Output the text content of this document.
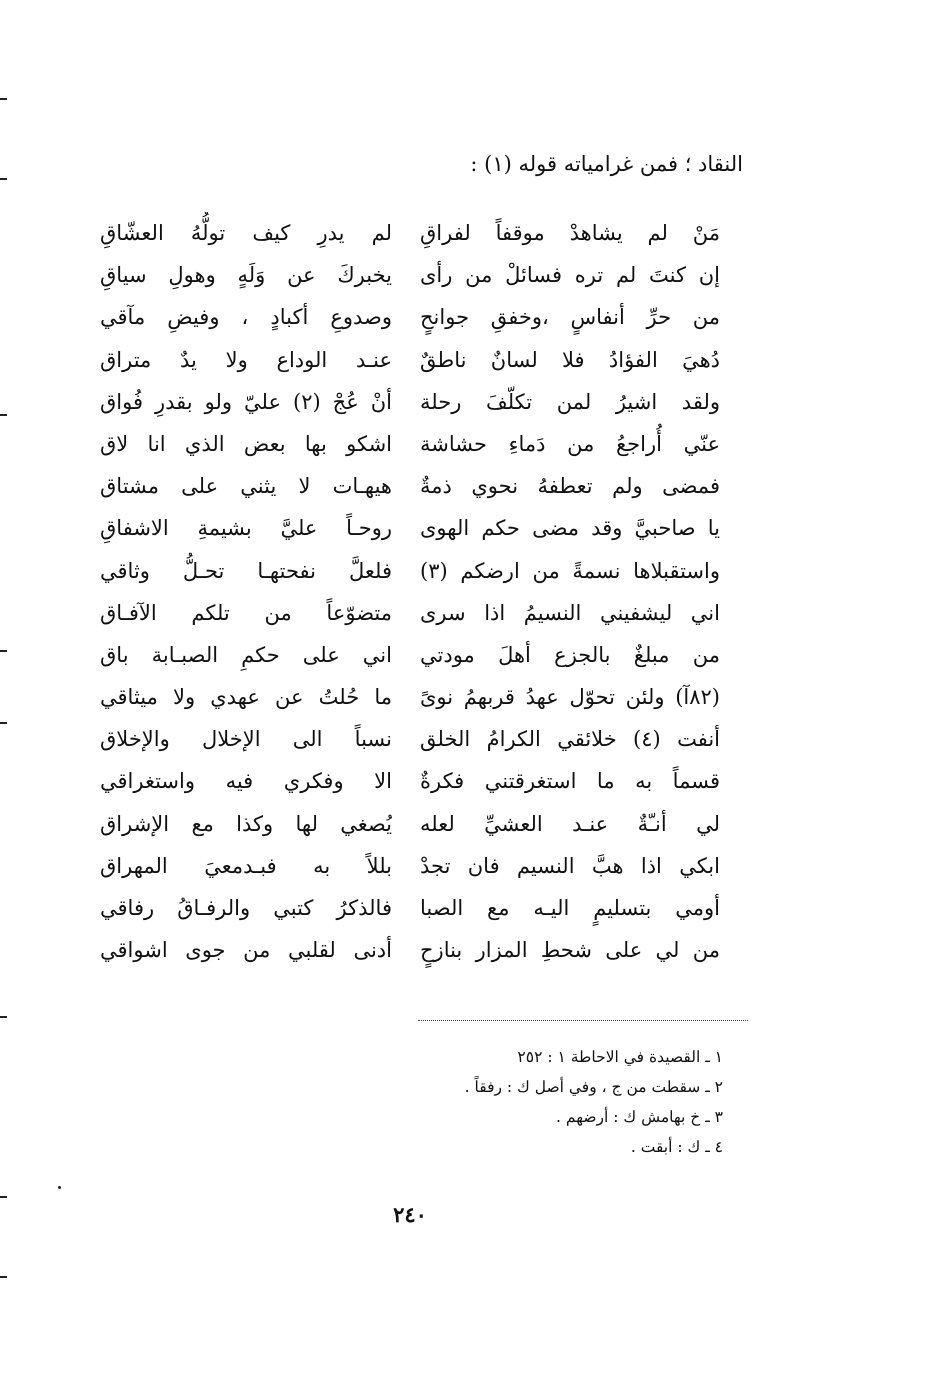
النقاد ؛ فمن غرامياته قوله (١) :
مَنْ لم يشاهدْ موقفاً لفراقِ
لم يدرِ كيف تولُّهُ العشّاقِ
إن كنتَ لم تره فسائلْ من رأى
يخبركَ عن وَلَهٍ وهولِ سياقِ
من حرِّ أنفاسٍ ،وخفقِ جوانحٍ
وصدوعِ أكبادٍ ، وفيضِ مآقي
دُهيَ الفؤادُ فلا لسانٌ ناطقٌ
عنـد الوداع ولا يدٌ متراق
ولقد اشيرُ لمن تكلّفَ رحلة
أنْ عُجْ (٢) عليّ ولو بقدرِ فُواق
عنّي أُراجعُ من دَماءِ حشاشة
اشكو بها بعض الذي انا لاق
فمضى ولم تعطفهُ نحوي ذمةٌ
هيهـات لا يثني على مشتاق
يا صاحبيَّ وقد مضى حكم الهوى
روحـاً عليَّ بشيمةِ الاشفاقِ
واستقبلاها نسمةً من ارضكم (٣)
فلعلَّ نفحتهـا تحـلُّ وثاقي
اني ليشفيني النسيمُ اذا سرى
متضوّعاً من تلكم الآفـاق
من مبلغٌ بالجزع أهلَ مودتي
اني على حكمِ الصبـابة باق
(٨٢آ) ولئن تحوّل عهدُ قربهمُ نوىً
ما حُلتُ عن عهدي ولا ميثاقي
أنفت (٤) خلائقي الكرامُ الخلق
نسباً الى الإخلال والإخلاق
قسماً به ما استغرقتني فكرةٌ
الا وفكري فيه واستغراقي
لي أنـّةٌ عنـد العشيِّ لعله
يُصغي لها وكذا مع الإشراق
ابكي اذا هبَّ النسيم فان تجدْ
بللاً به فبـدمعيَ المهراق
أومي بتسليمٍ اليـه مع الصبا
فالذكرُ كتبي والرفـاقُ رفاقي
من لي على شحطِ المزار بنازحٍ
أدنى لقلبي من جوى اشواقي
١ ـ القصيدة في الاحاطة ١ : ٢٥٢
٢ ـ سقطت من ج ، وفي أصل ك : رفقاً .
٣ ـ خ بهامش ك : أرضهم .
٤ ـ ك : أبقت .
٢٤٠
